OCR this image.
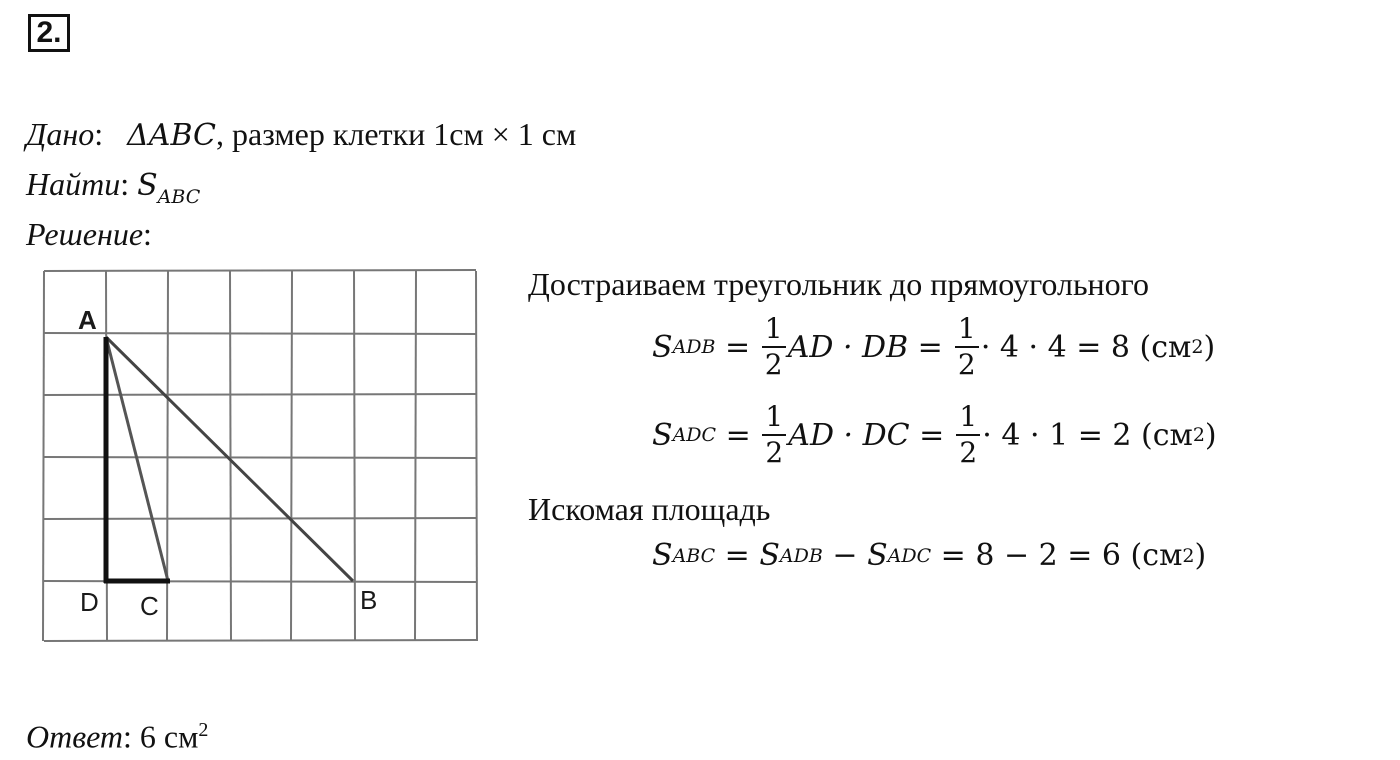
2.
Дано:   ΔABC, размер клетки 1см × 1 см
Найти: $S_{ABC}$
Решение:
A
D C	B
Достраиваем треугольник до прямоугольного
S ADB = $\frac{1}{2}$ AD · DB = $\frac{1}{2} \cdot 4 \cdot 4 = 8$ (см 2 )
S ADC = $\frac{1}{2}$ AD · DC = $\frac{1}{2} \cdot 4 \cdot 1 = 2$ (см 2 )
Искомая площадь
S ABC = S ADB − S ADC
= 8 − 2 = 6 (см 2 )
Ответ: 6 $см^2$
